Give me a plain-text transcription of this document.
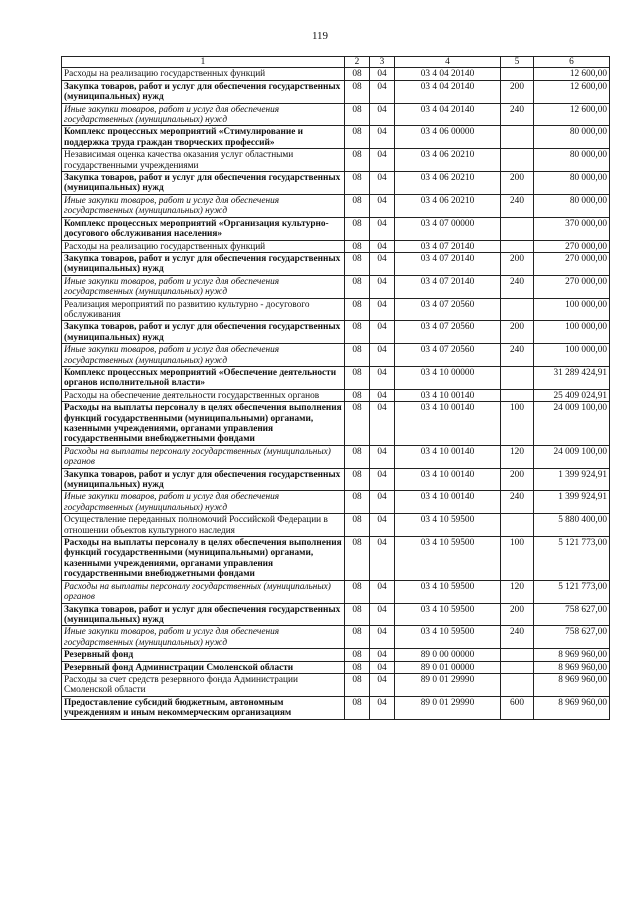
119
1	2	3	4	5	6
Расходы на реализацию государственных функций	08	04	03 4 04 20140		12 600,00
Закупка товаров, работ и услуг для обеспечения государственных (муниципальных) нужд	08	04	03 4 04 20140	200	12 600,00
Иные закупки товаров, работ и услуг для обеспечения государственных (муниципальных) нужд	08	04	03 4 04 20140	240	12 600,00
Комплекс процессных мероприятий «Стимулирование и поддержка труда граждан творческих профессий»	08	04	03 4 06 00000		80 000,00
Независимая оценка качества оказания услуг областными государственными учреждениями	08	04	03 4 06 20210		80 000,00
Закупка товаров, работ и услуг для обеспечения государственных (муниципальных) нужд	08	04	03 4 06 20210	200	80 000,00
Иные закупки товаров, работ и услуг для обеспечения государственных (муниципальных) нужд	08	04	03 4 06 20210	240	80 000,00
Комплекс процессных мероприятий «Организация культурно-досугового обслуживания населения»	08	04	03 4 07 00000		370 000,00
Расходы на реализацию государственных функций	08	04	03 4 07 20140		270 000,00
Закупка товаров, работ и услуг для обеспечения государственных (муниципальных) нужд	08	04	03 4 07 20140	200	270 000,00
Иные закупки товаров, работ и услуг для обеспечения государственных (муниципальных) нужд	08	04	03 4 07 20140	240	270 000,00
Реализация мероприятий по развитию культурно - досугового обслуживания	08	04	03 4 07 20560		100 000,00
Закупка товаров, работ и услуг для обеспечения государственных (муниципальных) нужд	08	04	03 4 07 20560	200	100 000,00
Иные закупки товаров, работ и услуг для обеспечения государственных (муниципальных) нужд	08	04	03 4 07 20560	240	100 000,00
Комплекс процессных мероприятий «Обеспечение деятельности органов исполнительной власти»	08	04	03 4 10 00000		31 289 424,91
Расходы на обеспечение деятельности государственных органов	08	04	03 4 10 00140		25 409 024,91
Расходы на выплаты персоналу в целях обеспечения выполнения функций государственными (муниципальными) органами, казенными учреждениями, органами управления государственными внебюджетными фондами	08	04	03 4 10 00140	100	24 009 100,00
Расходы на выплаты персоналу государственных (муниципальных) органов	08	04	03 4 10 00140	120	24 009 100,00
Закупка товаров, работ и услуг для обеспечения государственных (муниципальных) нужд	08	04	03 4 10 00140	200	1 399 924,91
Иные закупки товаров, работ и услуг для обеспечения государственных (муниципальных) нужд	08	04	03 4 10 00140	240	1 399 924,91
Осуществление переданных полномочий Российской Федерации в отношении объектов культурного наследия	08	04	03 4 10 59500		5 880 400,00
Расходы на выплаты персоналу в целях обеспечения выполнения функций государственными (муниципальными) органами, казенными учреждениями, органами управления государственными внебюджетными фондами	08	04	03 4 10 59500	100	5 121 773,00
Расходы на выплаты персоналу государственных (муниципальных) органов	08	04	03 4 10 59500	120	5 121 773,00
Закупка товаров, работ и услуг для обеспечения государственных (муниципальных) нужд	08	04	03 4 10 59500	200	758 627,00
Иные закупки товаров, работ и услуг для обеспечения государственных (муниципальных) нужд	08	04	03 4 10 59500	240	758 627,00
Резервный фонд	08	04	89 0 00 00000		8 969 960,00
Резервный фонд Администрации Смоленской области	08	04	89 0 01 00000		8 969 960,00
Расходы за счет средств резервного фонда Администрации Смоленской области	08	04	89 0 01 29990		8 969 960,00
Предоставление субсидий бюджетным, автономным учреждениям и иным некоммерческим организациям	08	04	89 0 01 29990	600	8 969 960,00
